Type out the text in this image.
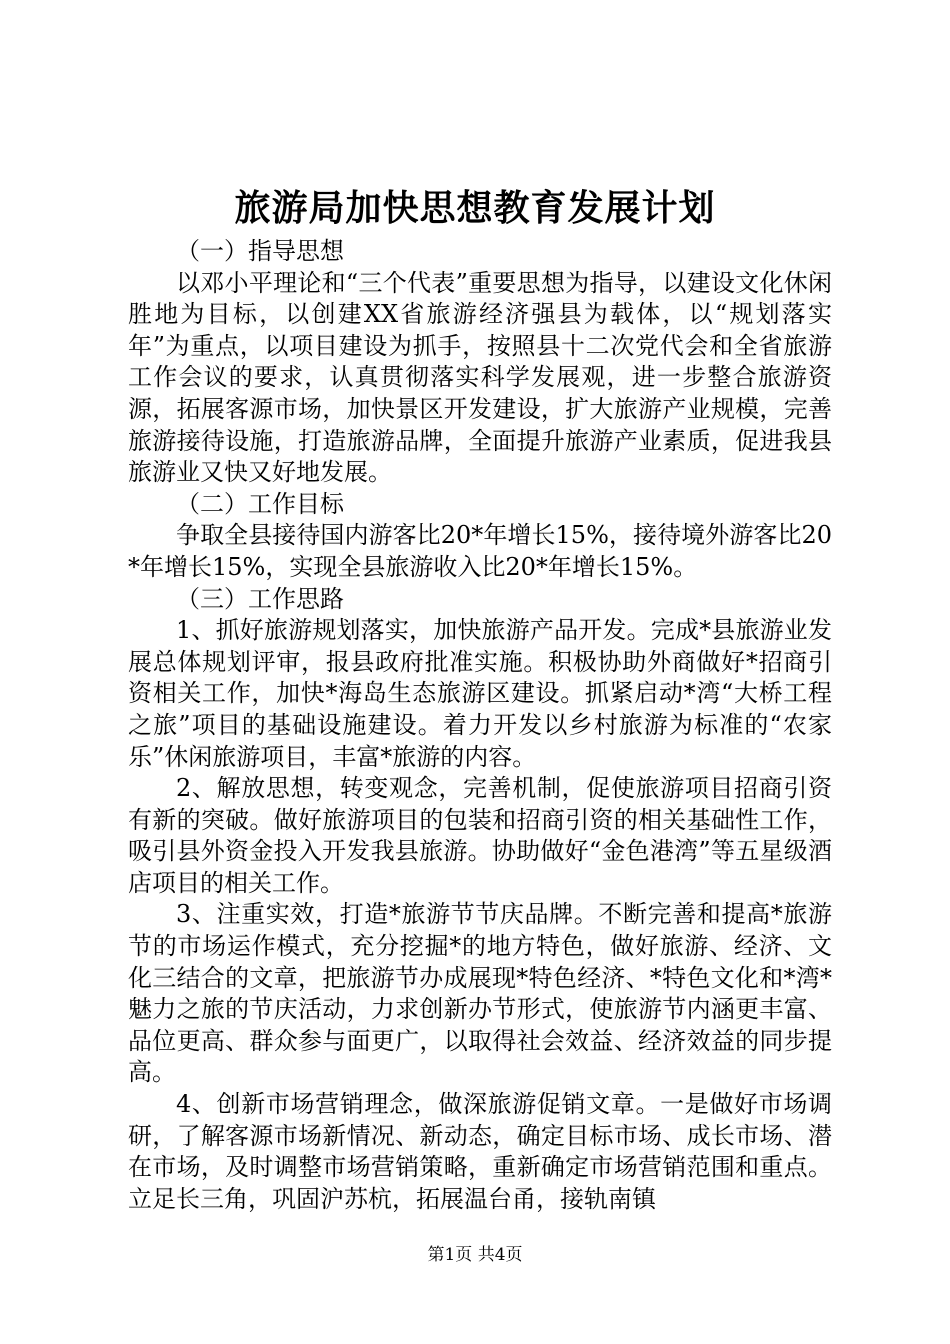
旅游局加快思想教育发展计划
（一）指导思想
以邓小平理论和“三个代表”重要思想为指导，以建设文化休闲胜地为目标，以创建XX省旅游经济强县为载体，以“规划落实年”为重点，以项目建设为抓手，按照县十二次党代会和全省旅游工作会议的要求，认真贯彻落实科学发展观，进一步整合旅游资源，拓展客源市场，加快景区开发建设，扩大旅游产业规模，完善旅游接待设施，打造旅游品牌，全面提升旅游产业素质，促进我县旅游业又快又好地发展。
（二）工作目标
争取全县接待国内游客比20*年增长15%，接待境外游客比20*年增长15%，实现全县旅游收入比20*年增长15%。
（三）工作思路
1、抓好旅游规划落实，加快旅游产品开发。完成*县旅游业发展总体规划评审，报县政府批准实施。积极协助外商做好*招商引资相关工作，加快*海岛生态旅游区建设。抓紧启动*湾“大桥工程之旅”项目的基础设施建设。着力开发以乡村旅游为标准的“农家乐”休闲旅游项目，丰富*旅游的内容。
2、解放思想，转变观念，完善机制，促使旅游项目招商引资有新的突破。做好旅游项目的包装和招商引资的相关基础性工作，吸引县外资金投入开发我县旅游。协助做好“金色港湾”等五星级酒店项目的相关工作。
3、注重实效，打造*旅游节节庆品牌。不断完善和提高*旅游节的市场运作模式，充分挖掘*的地方特色，做好旅游、经济、文化三结合的文章，把旅游节办成展现*特色经济、*特色文化和*湾*魅力之旅的节庆活动，力求创新办节形式，使旅游节内涵更丰富、品位更高、群众参与面更广，以取得社会效益、经济效益的同步提高。
4、创新市场营销理念，做深旅游促销文章。一是做好市场调研，了解客源市场新情况、新动态，确定目标市场、成长市场、潜在市场，及时调整市场营销策略，重新确定市场营销范围和重点。立足长三角，巩固沪苏杭，拓展温台甬，接轨南镇
第1页 共4页
